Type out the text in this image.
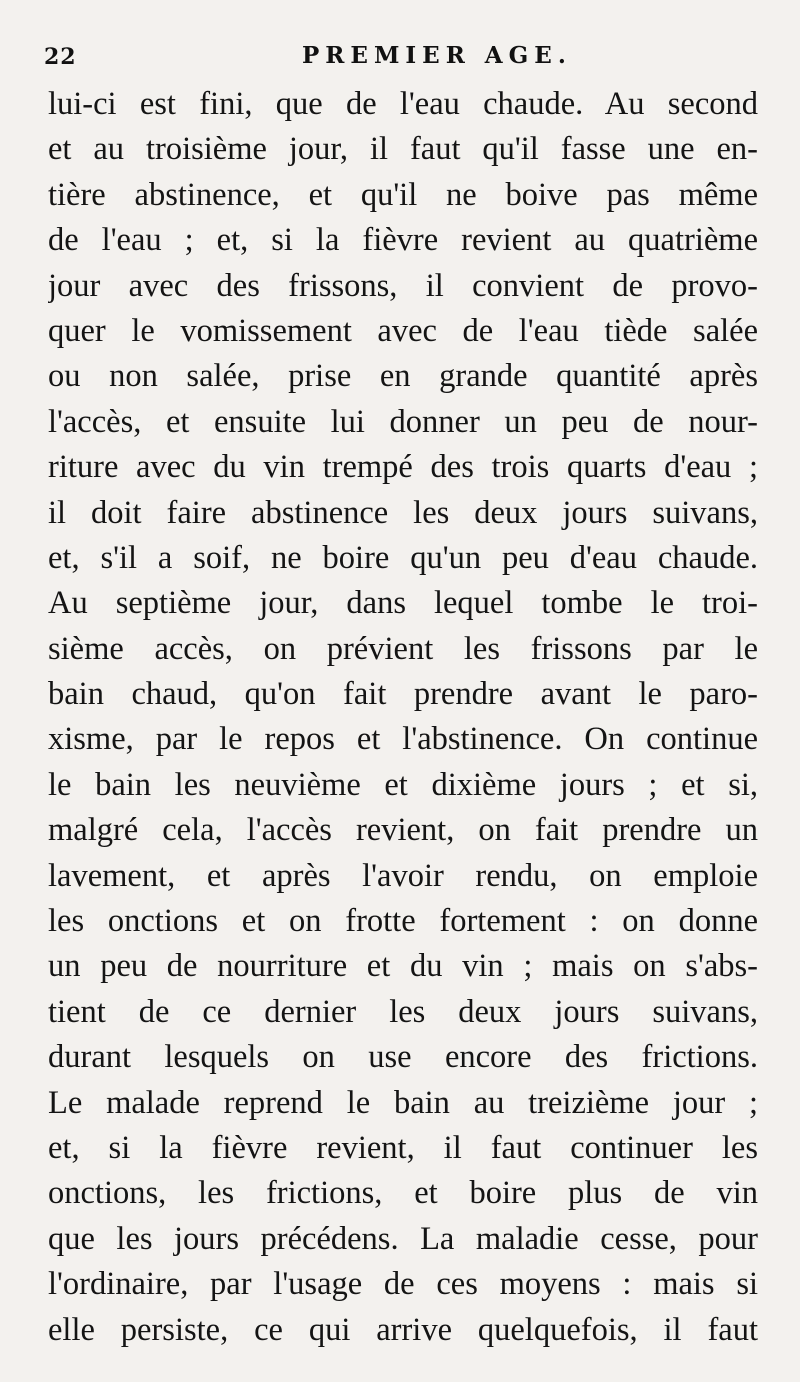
22	PREMIER AGE.
lui-ci est fini, que de l'eau chaude. Au second
et au troisième jour, il faut qu'il fasse une en-
tière abstinence, et qu'il ne boive pas même
de l'eau ; et, si la fièvre revient au quatrième
jour avec des frissons, il convient de provo-
quer le vomissement avec de l'eau tiède salée
ou non salée, prise en grande quantité après
l'accès, et ensuite lui donner un peu de nour-
riture avec du vin trempé des trois quarts d'eau ;
il doit faire abstinence les deux jours suivans,
et, s'il a soif, ne boire qu'un peu d'eau chaude.
Au septième jour, dans lequel tombe le troi-
sième accès, on prévient les frissons par le
bain chaud, qu'on fait prendre avant le paro-
xisme, par le repos et l'abstinence. On continue
le bain les neuvième et dixième jours ; et si,
malgré cela, l'accès revient, on fait prendre un
lavement, et après l'avoir rendu, on emploie
les onctions et on frotte fortement : on donne
un peu de nourriture et du vin ; mais on s'abs-
tient de ce dernier les deux jours suivans,
durant lesquels on use encore des frictions.
Le malade reprend le bain au treizième jour ;
et, si la fièvre revient, il faut continuer les
onctions, les frictions, et boire plus de vin
que les jours précédens. La maladie cesse, pour
l'ordinaire, par l'usage de ces moyens : mais si
elle persiste, ce qui arrive quelquefois, il faut
